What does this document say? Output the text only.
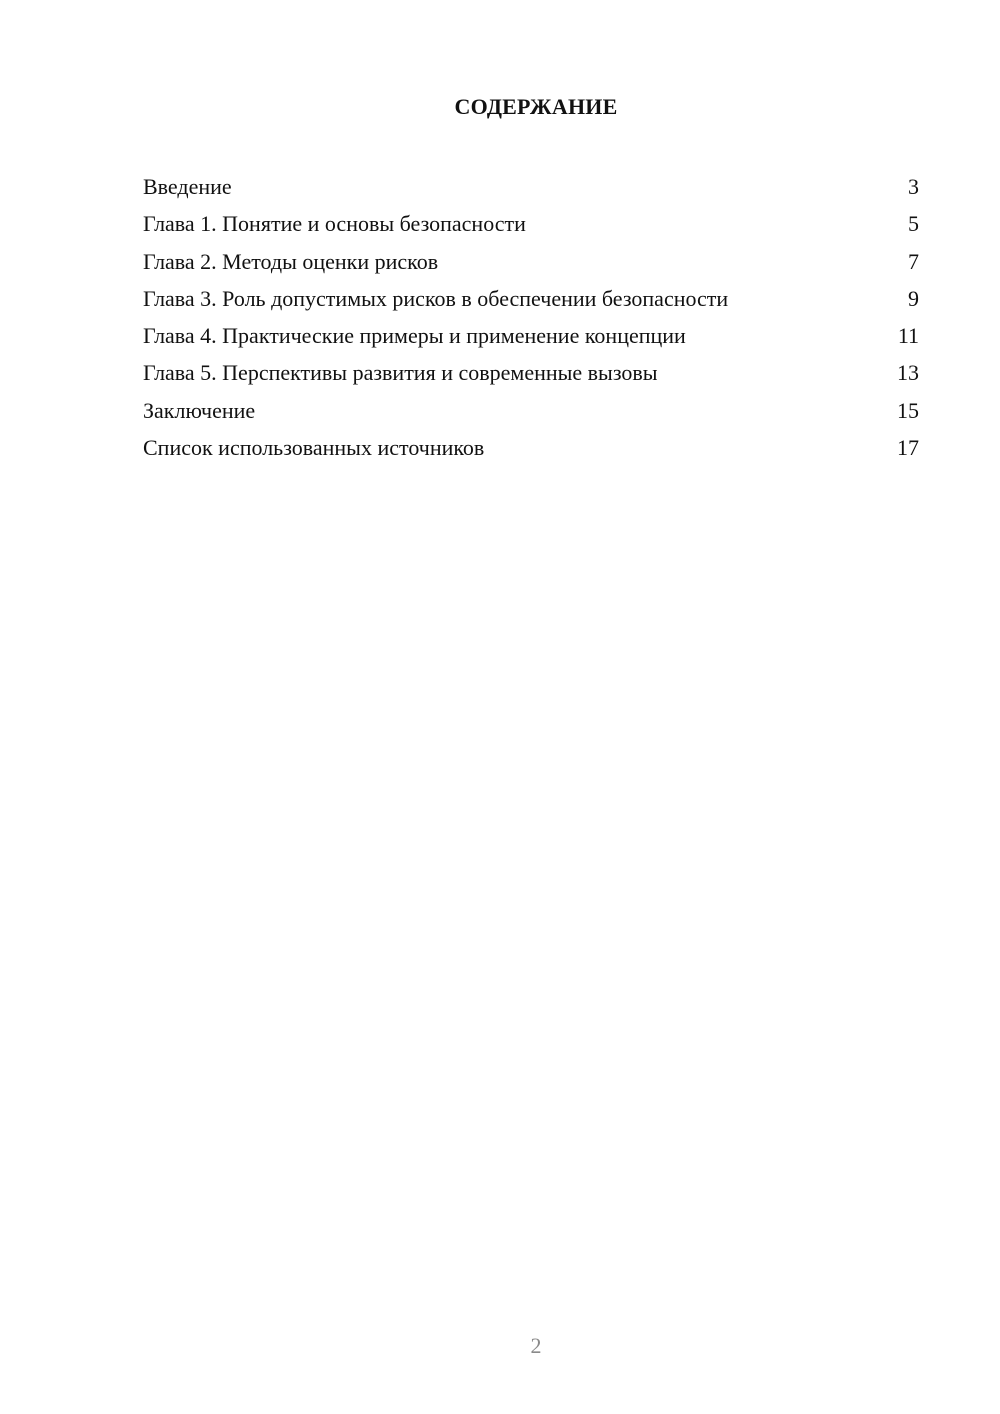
СОДЕРЖАНИЕ
Введение	3
Глава 1. Понятие и основы безопасности	5
Глава 2. Методы оценки рисков	7
Глава 3. Роль допустимых рисков в обеспечении безопасности	9
Глава 4. Практические примеры и применение концепции	11
Глава 5. Перспективы развития и современные вызовы	13
Заключение	15
Список использованных источников	17
2
